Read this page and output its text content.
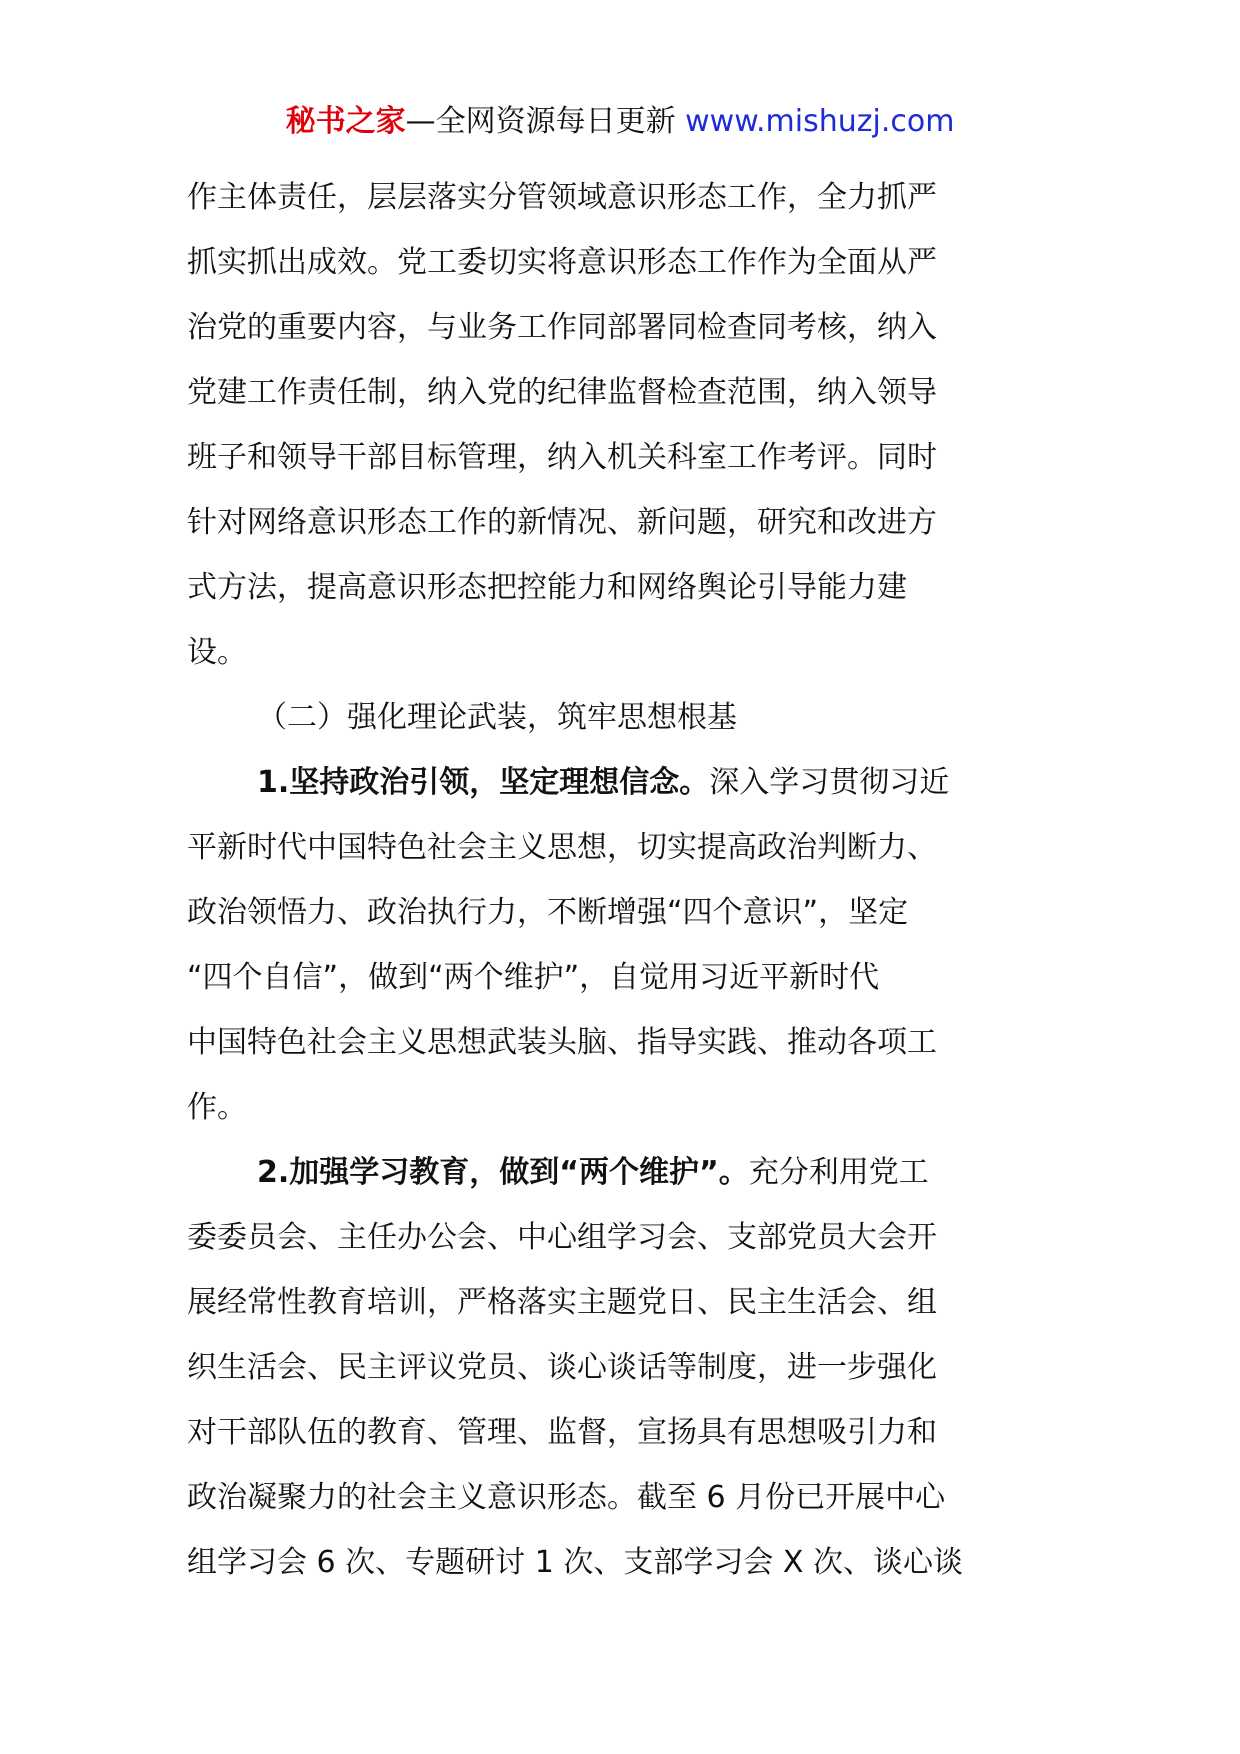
秘书之家—全网资源每日更新 www.mishuzj.com
作主体责任，层层落实分管领域意识形态工作，全力抓严
抓实抓出成效。党工委切实将意识形态工作作为全面从严
治党的重要内容，与业务工作同部署同检查同考核，纳入
党建工作责任制，纳入党的纪律监督检查范围，纳入领导
班子和领导干部目标管理，纳入机关科室工作考评。同时
针对网络意识形态工作的新情况、新问题，研究和改进方
式方法，提高意识形态把控能力和网络舆论引导能力建
设。
（二）强化理论武装，筑牢思想根基
1.坚持政治引领，坚定理想信念。深入学习贯彻习近
平新时代中国特色社会主义思想，切实提高政治判断力、
政治领悟力、政治执行力，不断增强“四个意识”，坚定
“四个自信”，做到“两个维护”，自觉用习近平新时代
中国特色社会主义思想武装头脑、指导实践、推动各项工
作。
2.加强学习教育，做到“两个维护”。充分利用党工
委委员会、主任办公会、中心组学习会、支部党员大会开
展经常性教育培训，严格落实主题党日、民主生活会、组
织生活会、民主评议党员、谈心谈话等制度，进一步强化
对干部队伍的教育、管理、监督，宣扬具有思想吸引力和
政治凝聚力的社会主义意识形态。截至 6 月份已开展中心
组学习会 6 次、专题研讨 1 次、支部学习会 X 次、谈心谈
